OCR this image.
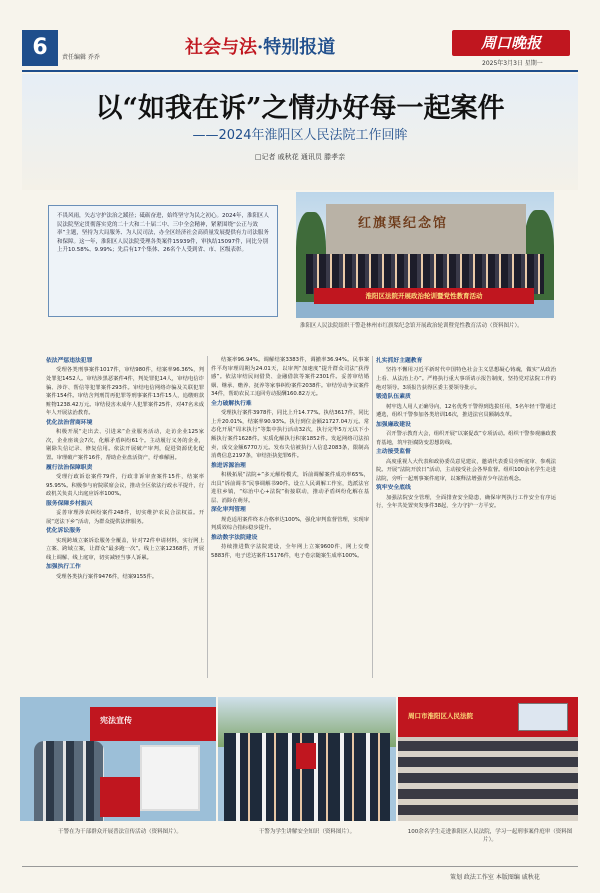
6	责任编辑 乔乔	社会与法·特别报道	周口晚报
2025年3月3日 星期一
以“如我在诉”之情办好每一起案件
——2024年淮阳区人民法院工作回眸
□记者 戚秋花 通讯员 滕孝亲
不畏风雨，矢志守护法治之蹊径；砥砺奋进，始终坚守为民之初心。2024年，淮阳区人民法院坚定贯彻落实党的二十大和二十届二中、三中全会精神，紧紧围绕“公正与效率”主题，坚持为大局服务、为人民司法，办全区经济社会高质量发展提供有力司法服务和保障。这一年，淮阳区人民法院受理各类案件15939件，审执结15097件，同比分别上升10.58%、9.99%；先后有17个集体、26名个人受到省、市、区级表彰。
红旗渠纪念馆
淮阳区法院开展政治轮训暨党性教育活动
淮阳区人民法院组织干警赴林州市红旗渠纪念馆开展政治轮训暨党性教育活动（资料图片）。
依法严惩违法犯罪
受理各类刑事案件1017件，审结980件，结案率96.36%，判处罪犯1452人。审结涉黑恶案件4件，判处罪犯14人，审结电信诈骗、涉诈、帮信等犯罪案件293件。审结电信网络诈骗及关联犯罪案件154件。审结含判刑罚再犯罪等刑事案件13件15人，追缴赃款赃物1238.42万元。审结侵害未成年人犯罪案件25件，对47名未成年人开展法治教育。
优化法治营商环境
积极开展“走出去、引进来”企业服务活动，走访企业125家次，企业座谈会7次，化解矛盾纠纷61个。主动履行义务的企业，剔除失信记录、修复信用。依法开展破产审判，促进资源优化配置。审理破产案件16件，帮助企业盘活资产，纾难解困。
履行法治保障职责
受理行政诉讼案件79件，行政非诉审查案件15件，结案率95.95%。积极参与府院联席会议，推动全区依法行政水平提升，行政机关负责人出庭应诉率100%。
服务保障乡村振兴
妥善审理涉农纠纷案件248件，切实维护农民合法权益。开展“送法下乡”活动，为群众提供法律服务。
优化诉讼服务
实现跨域立案诉讼服务全覆盖，针对72件申请材料，实行网上立案、跨域立案，让群众“最多跑一次”。线上立案12368件，开展线上调解、线上庭审，切实减轻当事人诉累。
加强执行工作
受理各类执行案件9476件，结案9155件。
结案率96.94%。调解结案3383件，调撤率36.94%。民事案件平均审理周期为24.01天，以审判“加速度”提升群众司法“获得感”。依法审结民间借贷、金融借款等案件2301件。妥善审结婚姻、继承、赡养、抚养等家事纠纷案件2038件。审结劳动争议案件34件，帮助农民工追回劳动报酬160.82万元。
全力破解执行难
受理执行案件3978件，同比上升14.77%。执结3617件，同比上升20.01%，结案率90.93%。执行到位金额21727.04万元。常态化开展“周末执行”等集中执行活动32次，执行完毕5万元以下小额执行案件1628件。实质化解执行积案1852件。发起网络司法拍卖，成交金额6770万元。发布失信被执行人信息2083条，限制高消费信息2197条，审结拒执犯罪6件。
推进诉源治理
积极拓展“法院+”多元解纷模式，诉前调解案件成功率65%，出具“诉前调书”民事调解书90件。设立人民调解工作室，选派法官进驻乡镇，“综治中心+法院”衔接联动，推动矛盾纠纷化解在基层、消除在萌芽。
深化审判管理
规范适用案件终本合格率达100%，强化审判监督管理，实现审判质效综合指标稳步提升。
推动数字法院建设
持续推进数字法院建设，全年网上立案9600件，网上交费5883件，电子送达案件15176件，电子卷宗随案生成率100%。
扎实抓好主题教育
坚持不懈用习近平新时代中国特色社会主义思想凝心铸魂，做实“从政治上看、从法治上办”。严格执行重大事项请示报告制度，坚持党对法院工作的绝对领导。3项报告获得区委主要领导批示。
锻造队伍素质
树牢选人用人正确导向，12名优秀干警得到选拔任用，5名年轻干警通过遴选，组织干警参加各类培训16次，推进法官员额制改革。
加强廉政建设
召开警示教育大会，组织开展“以案促改”专项活动。组织干警参观廉政教育基地，筑牢拒腐防变思想防线。
主动接受监督
高度重视人大代表和政协委员意见建议，邀请代表委员旁听庭审、参观法院。开展“法院开放日”活动，主动接受社会各界监督。组织100余名学生走进法院，旁听一起刑事案件庭审，以案释法增强青少年法治观念。
筑牢安全底线
加强法院安全管理，全面排查安全隐患，确保审判执行工作安全有序运行，全年共处置突发事件38起，全力守护一方平安。
宪法宣传	周口市淮阳区人民法院
干警在为干部群众开展普法宣传活动（资料图片）。	干警为学生讲解安全知识（资料图片）。	100余名学生走进淮阳区人民法院，学习一起刑事案件庭审（资料图片）。
策划 政法工作室 本版图编 戚秋花
